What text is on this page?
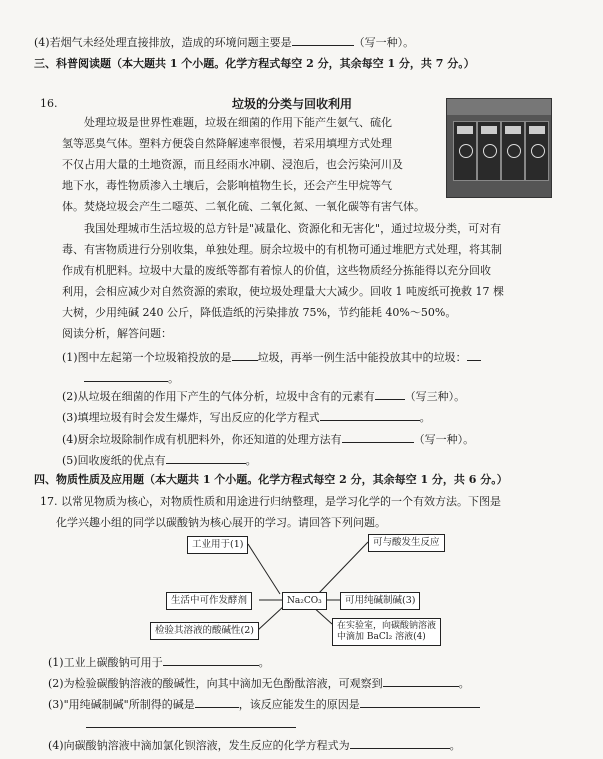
(4)若烟气未经处理直接排放，造成的环境问题主要是	（写一种）。
三、科普阅读题（本大题共 1 个小题。化学方程式每空 2 分，其余每空 1 分，共 7 分。）
16.	垃圾的分类与回收利用
处理垃圾是世界性难题，垃圾在细菌的作用下能产生氨气、硫化
氢等恶臭气体。塑料方便袋自然降解速率很慢，若采用填埋方式处理
不仅占用大量的土地资源，而且经雨水冲刷、浸泡后，也会污染河川及
地下水，毒性物质渗入土壤后，会影响植物生长，还会产生甲烷等气
体。焚烧垃圾会产生二噁英、二氧化硫、二氧化氮、一氧化碳等有害气体。
我国处理城市生活垃圾的总方针是"减量化、资源化和无害化"，通过垃圾分类，可对有
毒、有害物质进行分别收集，单独处理。厨余垃圾中的有机物可通过堆肥方式处理，将其制
作成有机肥料。垃圾中大量的废纸等都有着惊人的价值，这些物质经分拣能得以充分回收
利用，会相应减少对自然资源的索取，使垃圾处理量大大减少。回收 1 吨废纸可挽救 17 棵
大树，少用纯碱 240 公斤，降低造纸的污染排放 75%，节约能耗 40%～50%。
阅读分析，解答问题：
(1)图中左起第一个垃圾箱投放的是 垃圾，再举一例生活中能投放其中的垃圾：
。
(2)从垃圾在细菌的作用下产生的气体分析，垃圾中含有的元素有	（写三种）。
(3)填埋垃圾有时会发生爆炸，写出反应的化学方程式	。
(4)厨余垃圾除制作成有机肥料外，你还知道的处理方法有	（写一种）。
(5)回收废纸的优点有	。
四、物质性质及应用题（本大题共 1 个小题。化学方程式每空 2 分，其余每空 1 分，共 6 分。）
17. 以常见物质为核心，对物质性质和用途进行归纳整理，是学习化学的一个有效方法。下图是
化学兴趣小组的同学以碳酸钠为核心展开的学习。请回答下列问题。
工业用于(1)	可与酸发生反应
生活中可作发酵剂	Na₂CO₃	可用纯碱制碱(3)
检验其溶液的酸碱性(2)	在实验室，向碳酸钠溶液
中滴加 BaCl₂ 溶液(4)
(1)工业上碳酸钠可用于	。
(2)为检验碳酸钠溶液的酸碱性，向其中滴加无色酚酞溶液，可观察到	。
(3)"用纯碱制碱"所制得的碱是	，该反应能发生的原因是
(4)向碳酸钠溶液中滴加氯化钡溶液，发生反应的化学方程式为	。
